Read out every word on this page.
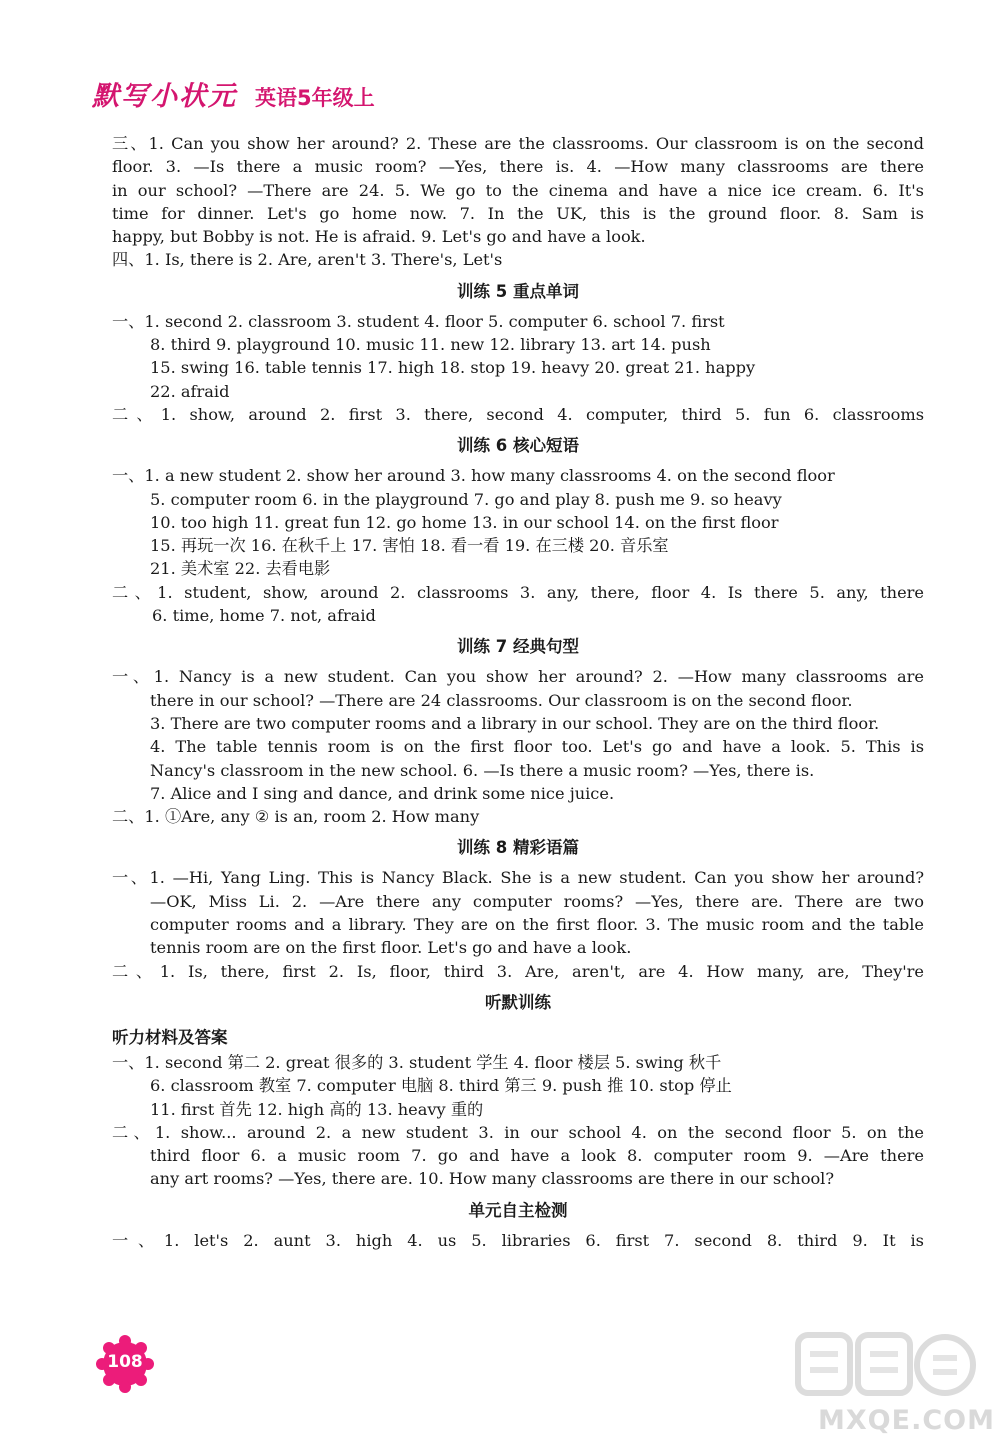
默写小状元 英语5年级上
三、1. Can you show her around? 2. These are the classrooms. Our classroom is on the second
floor. 3. —Is there a music room? —Yes, there is. 4. —How many classrooms are there
in our school? —There are 24. 5. We go to the cinema and have a nice ice cream. 6. It's
time for dinner. Let's go home now. 7. In the UK, this is the ground floor. 8. Sam is
happy, but Bobby is not. He is afraid. 9. Let's go and have a look.
四、1. Is, there is 2. Are, aren't 3. There's, Let's
训练 5 重点单词
一、1. second 2. classroom 3. student 4. floor 5. computer 6. school 7. first
8. third 9. playground 10. music 11. new 12. library 13. art 14. push
15. swing 16. table tennis 17. high 18. stop 19. heavy 20. great 21. happy
22. afraid
二、1. show, around 2. first 3. there, second 4. computer, third 5. fun 6. classrooms
训练 6 核心短语
一、1. a new student 2. show her around 3. how many classrooms 4. on the second floor
5. computer room 6. in the playground 7. go and play 8. push me 9. so heavy
10. too high 11. great fun 12. go home 13. in our school 14. on the first floor
15. 再玩一次 16. 在秋千上 17. 害怕 18. 看一看 19. 在三楼 20. 音乐室
21. 美术室 22. 去看电影
二、1. student, show, around 2. classrooms 3. any, there, floor 4. Is there 5. any, there
6. time, home 7. not, afraid
训练 7 经典句型
一、1. Nancy is a new student. Can you show her around? 2. —How many classrooms are
there in our school? —There are 24 classrooms. Our classroom is on the second floor.
3. There are two computer rooms and a library in our school. They are on the third floor.
4. The table tennis room is on the first floor too. Let's go and have a look. 5. This is
Nancy's classroom in the new school. 6. —Is there a music room? —Yes, there is.
7. Alice and I sing and dance, and drink some nice juice.
二、1. ①Are, any ② is an, room 2. How many
训练 8 精彩语篇
一、1. —Hi, Yang Ling. This is Nancy Black. She is a new student. Can you show her around?
—OK, Miss Li. 2. —Are there any computer rooms? —Yes, there are. There are two
computer rooms and a library. They are on the first floor. 3. The music room and the table
tennis room are on the first floor. Let's go and have a look.
二、1. Is, there, first 2. Is, floor, third 3. Are, aren't, are 4. How many, are, They're
听默训练
听力材料及答案
一、1. second 第二 2. great 很多的 3. student 学生 4. floor 楼层 5. swing 秋千
6. classroom 教室 7. computer 电脑 8. third 第三 9. push 推 10. stop 停止
11. first 首先 12. high 高的 13. heavy 重的
二、1. show... around 2. a new student 3. in our school 4. on the second floor 5. on the
third floor 6. a music room 7. go and have a look 8. computer room 9. —Are there
any art rooms? —Yes, there are. 10. How many classrooms are there in our school?
单元自主检测
一、1. let's 2. aunt 3. high 4. us 5. libraries 6. first 7. second 8. third 9. It is
108
MXQE.COM
